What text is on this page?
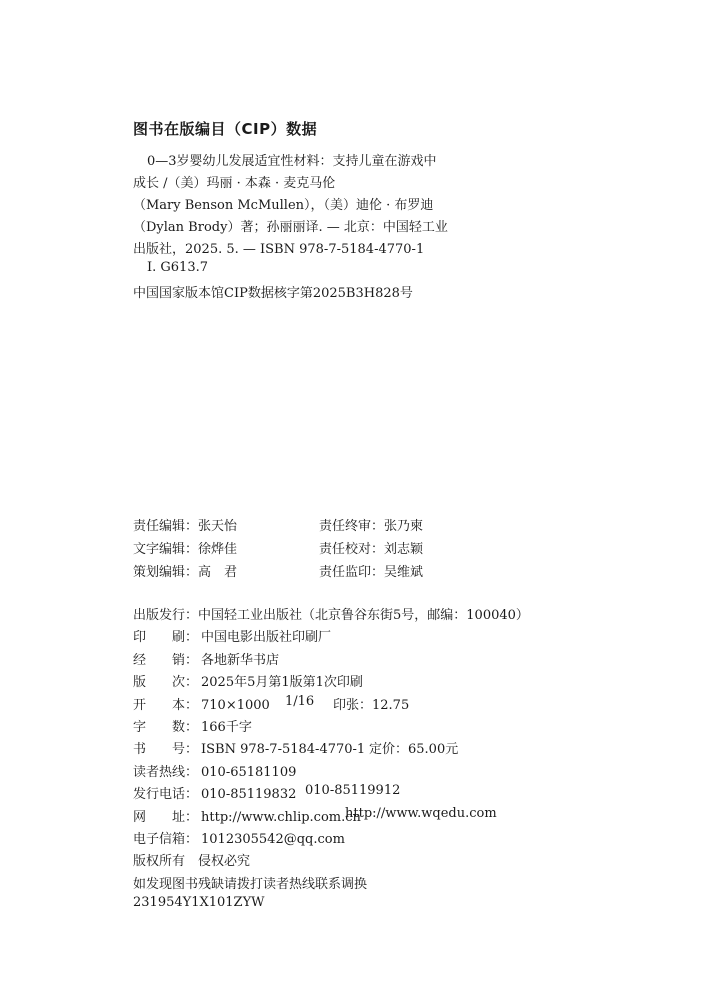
图书在版编目（CIP）数据
0—3岁婴幼儿发展适宜性材料：支持儿童在游戏中
成长 /（美）玛丽 · 本森 · 麦克马伦
（Mary Benson McMullen），（美）迪伦 · 布罗迪
（Dylan Brody）著；孙丽丽译. — 北京：中国轻工业
出版社，2025. 5. — ISBN 978-7-5184-4770-1
Ⅰ. G613.7
中国国家版本馆CIP数据核字第2025B3H828号
责任编辑：张天怡	责任终审：张乃柬
文字编辑：徐烨佳	责任校对：刘志颖
策划编辑：高　君	责任监印：吴维斌
出版发行：中国轻工业出版社（北京鲁谷东街5号，邮编：100040）
印　　刷： 中国电影出版社印刷厂
经　　销： 各地新华书店
版　　次： 2025年5月第1版第1次印刷
开　　本： 710×1000 1/16 印张：12.75
字　　数： 166千字
书　　号： ISBN 978-7-5184-4770-1 定价：65.00元
读者热线： 010-65181109
发行电话： 010-85119832 010-85119912
网　　址： http://www.chlip.com.cn
http://www.wqedu.com
电子信箱： 1012305542@qq.com
版权所有　侵权必究
如发现图书残缺请拨打读者热线联系调换
231954Y1X101ZYW
